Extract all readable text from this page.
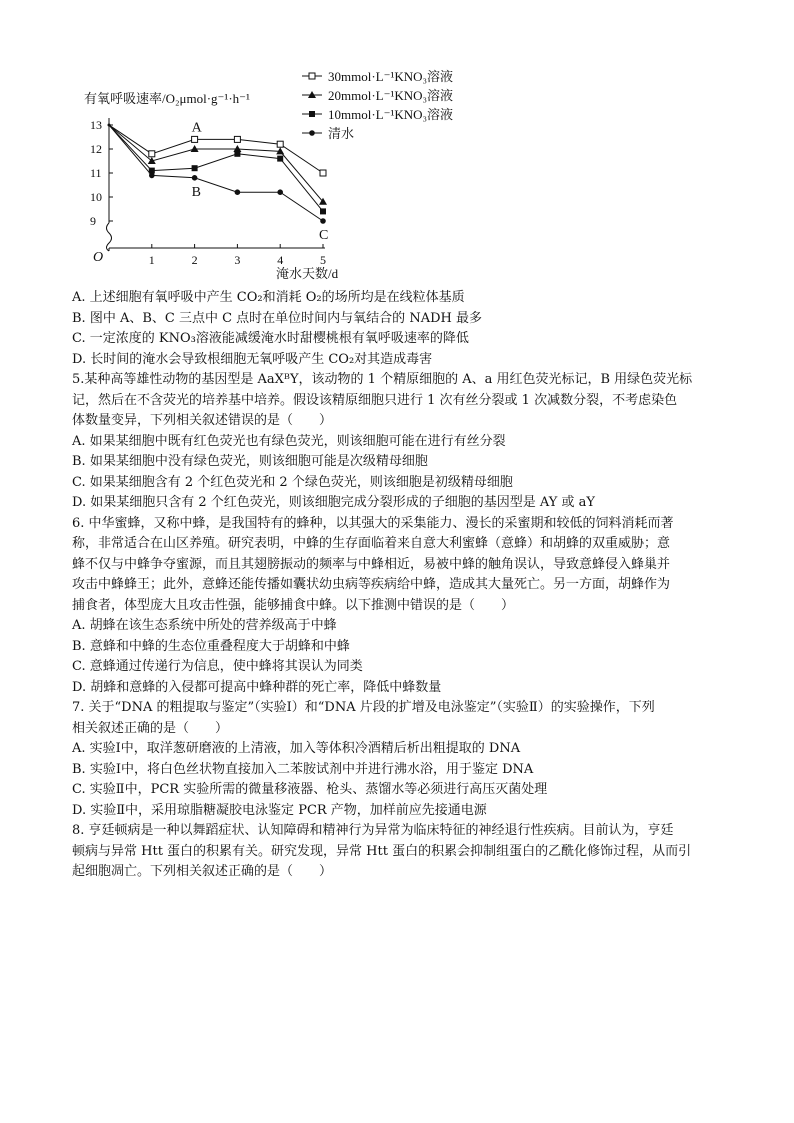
有氧呼吸速率/O₂μmol·g⁻¹·h⁻¹
淹水天数/d
O
9
10
11
12
13
1	2	3	4	5
A
B
C
30mmol·L⁻¹KNO₃溶液
20mmol·L⁻¹KNO₃溶液
10mmol·L⁻¹KNO₃溶液
清水
A. 上述细胞有氧呼吸中产生 CO₂和消耗 O₂的场所均是在线粒体基质
B. 图中 A、B、C 三点中 C 点时在单位时间内与氧结合的 NADH 最多
C. 一定浓度的 KNO₃溶液能减缓淹水时甜樱桃根有氧呼吸速率的降低
D. 长时间的淹水会导致根细胞无氧呼吸产生 CO₂对其造成毒害
5.某种高等雄性动物的基因型是 AaXᴮY，该动物的 1 个精原细胞的 A、a 用红色荧光标记，B 用绿色荧光标
记，然后在不含荧光的培养基中培养。假设该精原细胞只进行 1 次有丝分裂或 1 次减数分裂，不考虑染色
体数量变异，下列相关叙述错误的是（　　）
A. 如果某细胞中既有红色荧光也有绿色荧光，则该细胞可能在进行有丝分裂
B. 如果某细胞中没有绿色荧光，则该细胞可能是次级精母细胞
C. 如果某细胞含有 2 个红色荧光和 2 个绿色荧光，则该细胞是初级精母细胞
D. 如果某细胞只含有 2 个红色荧光，则该细胞完成分裂形成的子细胞的基因型是 AY 或 aY
6. 中华蜜蜂，又称中蜂，是我国特有的蜂种，以其强大的采集能力、漫长的采蜜期和较低的饲料消耗而著
称，非常适合在山区养殖。研究表明，中蜂的生存面临着来自意大利蜜蜂（意蜂）和胡蜂的双重威胁；意
蜂不仅与中蜂争夺蜜源，而且其翅膀振动的频率与中蜂相近，易被中蜂的触角误认，导致意蜂侵入蜂巢并
攻击中蜂蜂王；此外，意蜂还能传播如囊状幼虫病等疾病给中蜂，造成其大量死亡。另一方面，胡蜂作为
捕食者，体型庞大且攻击性强，能够捕食中蜂。以下推测中错误的是（　　）
A. 胡蜂在该生态系统中所处的营养级高于中蜂
B. 意蜂和中蜂的生态位重叠程度大于胡蜂和中蜂
C. 意蜂通过传递行为信息，使中蜂将其误认为同类
D. 胡蜂和意蜂的入侵都可提高中蜂种群的死亡率，降低中蜂数量
7. 关于“DNA 的粗提取与鉴定”（实验Ⅰ）和“DNA 片段的扩增及电泳鉴定”（实验Ⅱ）的实验操作，下列
相关叙述正确的是（　　）
A. 实验Ⅰ中，取洋葱研磨液的上清液，加入等体积冷酒精后析出粗提取的 DNA
B. 实验Ⅰ中，将白色丝状物直接加入二苯胺试剂中并进行沸水浴，用于鉴定 DNA
C. 实验Ⅱ中，PCR 实验所需的微量移液器、枪头、蒸馏水等必须进行高压灭菌处理
D. 实验Ⅱ中，采用琼脂糖凝胶电泳鉴定 PCR 产物，加样前应先接通电源
8. 亨廷顿病是一种以舞蹈症状、认知障碍和精神行为异常为临床特征的神经退行性疾病。目前认为，亨廷
顿病与异常 Htt 蛋白的积累有关。研究发现，异常 Htt 蛋白的积累会抑制组蛋白的乙酰化修饰过程，从而引
起细胞凋亡。下列相关叙述正确的是（　　）
